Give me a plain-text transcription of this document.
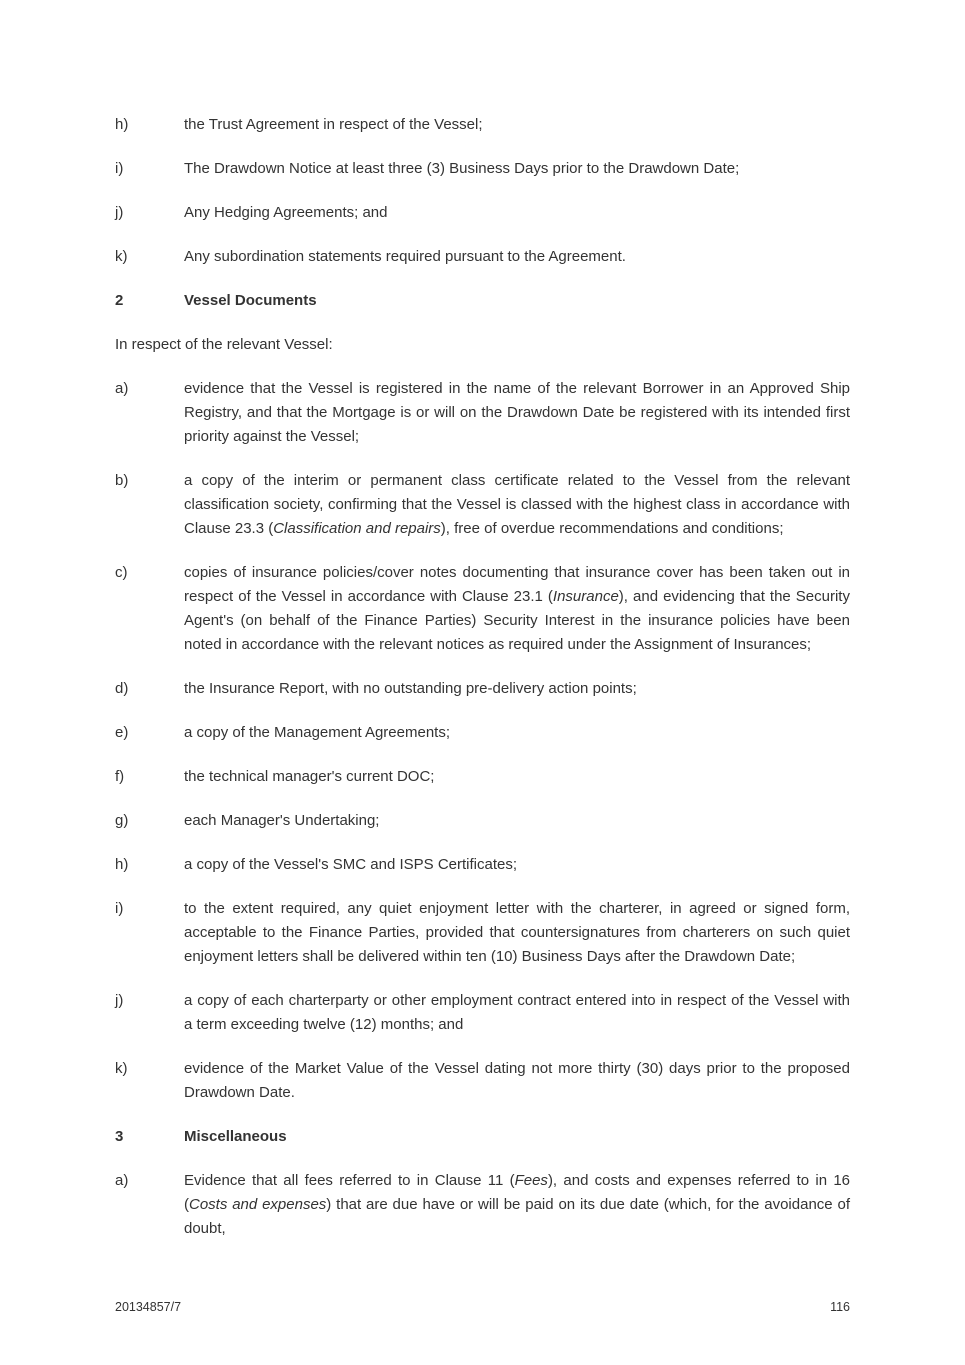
h)	the Trust Agreement in respect of the Vessel;
i)	The Drawdown Notice at least three (3) Business Days prior to the Drawdown Date;
j)	Any Hedging Agreements; and
k)	Any subordination statements required pursuant to the Agreement.
2	Vessel Documents
In respect of the relevant Vessel:
a)	evidence that the Vessel is registered in the name of the relevant Borrower in an Approved Ship Registry, and that the Mortgage is or will on the Drawdown Date be registered with its intended first priority against the Vessel;
b)	a copy of the interim or permanent class certificate related to the Vessel from the relevant classification society, confirming that the Vessel is classed with the highest class in accordance with Clause 23.3 (Classification and repairs), free of overdue recommendations and conditions;
c)	copies of insurance policies/cover notes documenting that insurance cover has been taken out in respect of the Vessel in accordance with Clause 23.1 (Insurance), and evidencing that the Security Agent's (on behalf of the Finance Parties) Security Interest in the insurance policies have been noted in accordance with the relevant notices as required under the Assignment of Insurances;
d)	the Insurance Report, with no outstanding pre-delivery action points;
e)	a copy of the Management Agreements;
f)	the technical manager's current DOC;
g)	each Manager's Undertaking;
h)	a copy of the Vessel's SMC and ISPS Certificates;
i)	to the extent required, any quiet enjoyment letter with the charterer, in agreed or signed form, acceptable to the Finance Parties, provided that countersignatures from charterers on such quiet enjoyment letters shall be delivered within ten (10) Business Days after the Drawdown Date;
j)	a copy of each charterparty or other employment contract entered into in respect of the Vessel with a term exceeding twelve (12) months; and
k)	evidence of the Market Value of the Vessel dating not more thirty (30) days prior to the proposed Drawdown Date.
3	Miscellaneous
a)	Evidence that all fees referred to in Clause 11 (Fees), and costs and expenses referred to in 16 (Costs and expenses) that are due have or will be paid on its due date (which, for the avoidance of doubt,
20134857/7	116
